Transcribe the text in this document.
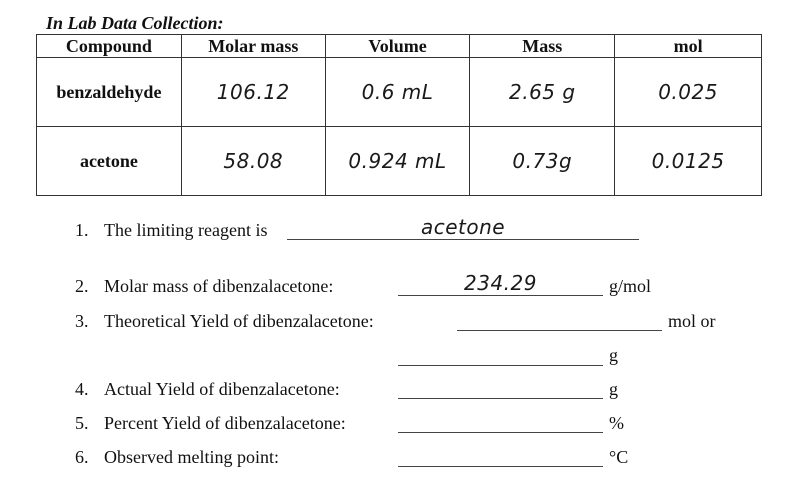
In Lab Data Collection:
Compound	Molar mass	Volume	Mass	mol
benzaldehyde	106.12	0.6 mL	2.65 g	0.025
acetone	58.08	0.924 mL	0.73g	0.0125
1. The limiting reagent is	acetone
2. Molar mass of dibenzalacetone:	234.29	g/mol
3. Theoretical Yield of dibenzalacetone:	mol or
g
4. Actual Yield of dibenzalacetone:	g
5. Percent Yield of dibenzalacetone:	%
6. Observed melting point:	°C
